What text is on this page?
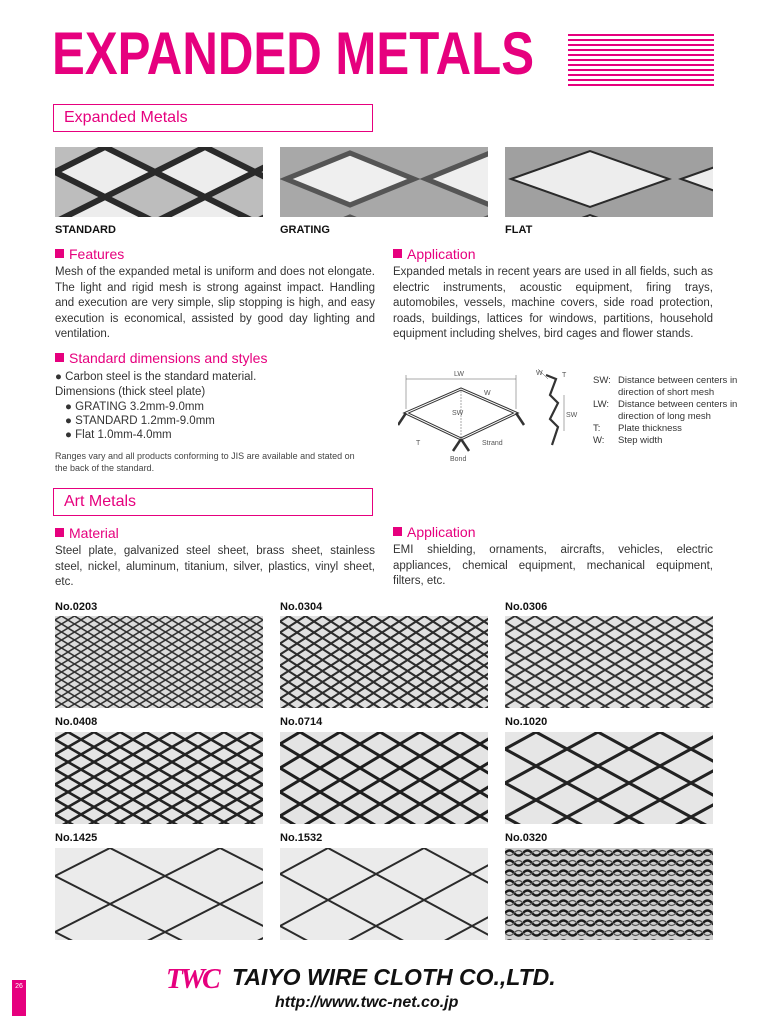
EXPANDED METALS
Expanded Metals
STANDARD	GRATING	FLAT
Features
Mesh of the expanded metal is uniform and does not elongate. The light and rigid mesh is strong against impact. Handling and execution are very simple, slip stopping is high, and easy execution is economical, assisted by good day lighting and ventilation.
Application
Expanded metals in recent years are used in all fields, such as electric instruments, acoustic equipment, firing trays, automobiles, vessels, machine covers, side road protection, roads, buildings, lattices for windows, partitions, household equipment including shelves, bird cages and flower stands.
Standard dimensions and styles
● Carbon steel is the standard material.
Dimensions (thick steel plate)
● GRATING 3.2mm-9.0mm
● STANDARD 1.2mm-9.0mm
● Flat 1.0mm-4.0mm
Ranges vary and all products conforming to JIS are available and stated on the back of the standard.
LW
W
SW
T
Bond
Strand
W	T
SW
SW: Distance between centers in direction of short mesh
LW: Distance between centers in direction of long mesh
T:	Plate thickness
W:	Step width
Art Metals
Material
Steel plate, galvanized steel sheet, brass sheet, stainless steel, nickel, aluminum, titanium, silver, plastics, vinyl sheet, etc.
Application
EMI shielding, ornaments, aircrafts, vehicles, electric appliances, chemical equipment, mechanical equipment, filters, etc.
No.0203	No.0304	No.0306
No.0408	No.0714	No.1020
No.1425	No.1532	No.0320
TWC TAIYO WIRE CLOTH CO.,LTD.
http://www.twc-net.co.jp
26
